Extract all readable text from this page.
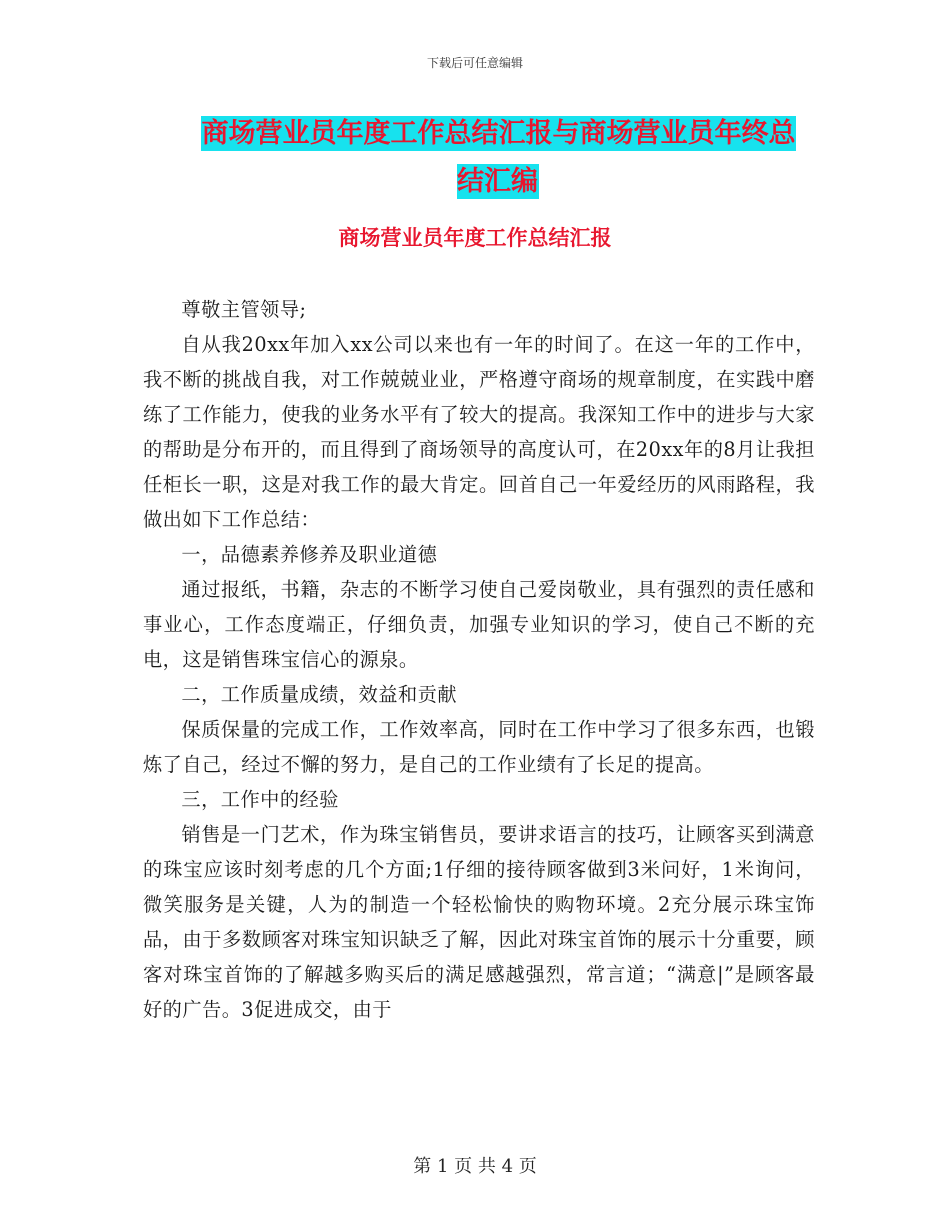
下载后可任意编辑
商场营业员年度工作总结汇报与商场营业员年终总结汇编
商场营业员年度工作总结汇报

尊敬主管领导;

自从我20xx年加入xx公司以来也有一年的时间了。在这一年的工作中，我不断的挑战自我，对工作兢兢业业，严格遵守商场的规章制度，在实践中磨练了工作能力，使我的业务水平有了较大的提高。我深知工作中的进步与大家的帮助是分布开的，而且得到了商场领导的高度认可，在20xx年的8月让我担任柜长一职，这是对我工作的最大肯定。回首自己一年爱经历的风雨路程，我做出如下工作总结：

一，品德素养修养及职业道德

通过报纸，书籍，杂志的不断学习使自己爱岗敬业，具有强烈的责任感和事业心，工作态度端正，仔细负责，加强专业知识的学习，使自己不断的充电，这是销售珠宝信心的源泉。

二，工作质量成绩，效益和贡献

保质保量的完成工作，工作效率高，同时在工作中学习了很多东西，也锻炼了自己，经过不懈的努力，是自己的工作业绩有了长足的提高。

三，工作中的经验

销售是一门艺术，作为珠宝销售员，要讲求语言的技巧，让顾客买到满意的珠宝应该时刻考虑的几个方面;1仔细的接待顾客做到3米问好，1米询问，微笑服务是关键，人为的制造一个轻松愉快的购物环境。2充分展示珠宝饰品，由于多数顾客对珠宝知识缺乏了解，因此对珠宝首饰的展示十分重要，顾客对珠宝首饰的了解越多购买后的满足感越强烈，常言道；“满意|”是顾客最好的广告。3促进成交，由于

第 1 页 共 4 页
